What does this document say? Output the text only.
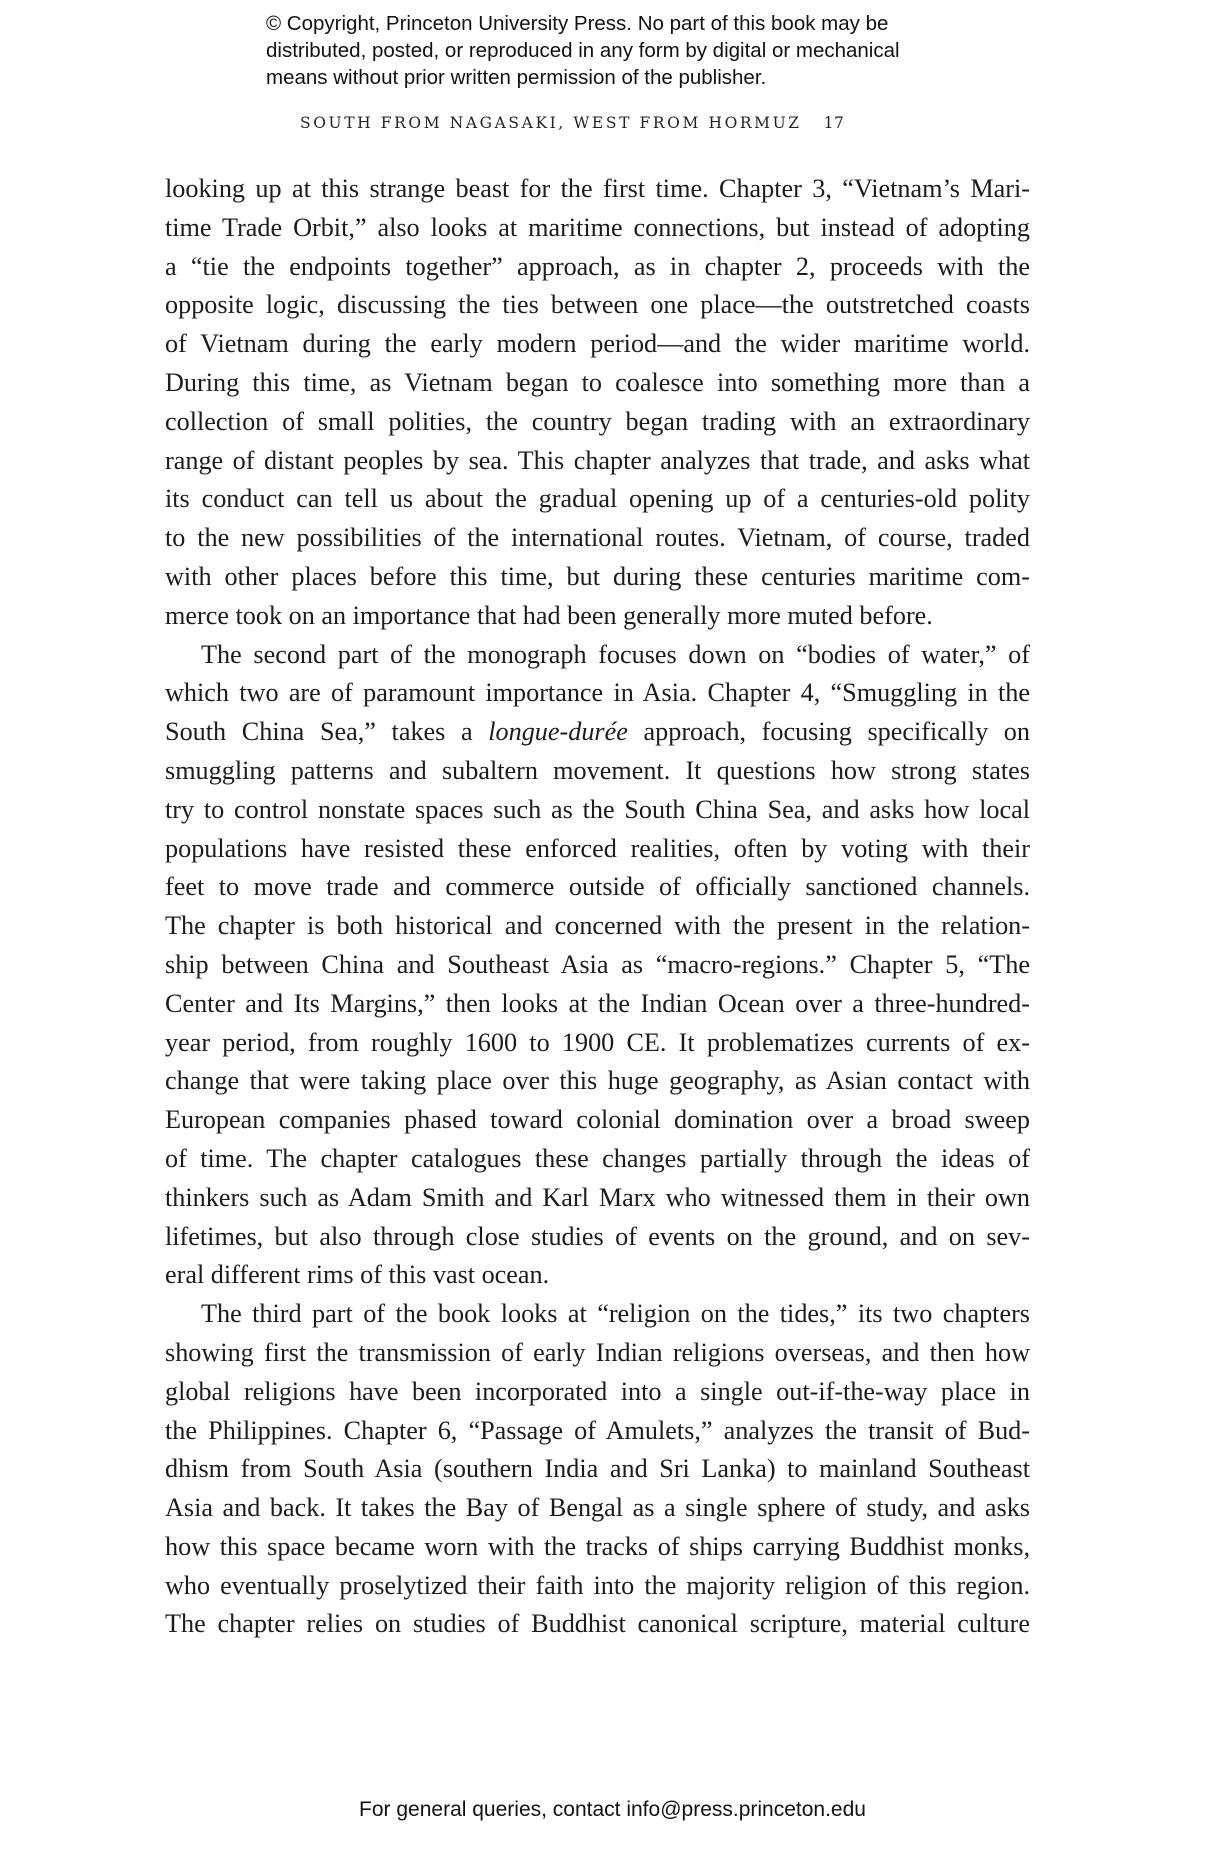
© Copyright, Princeton University Press. No part of this book may be
distributed, posted, or reproduced in any form by digital or mechanical
means without prior written permission of the publisher.
SOUTH FROM NAGASAKI, WEST FROM HORMUZ 17
looking up at this strange beast for the first time. Chapter 3, “Vietnam’s Mari-
time Trade Orbit,” also looks at maritime connections, but instead of adopting
a “tie the endpoints together” approach, as in chapter 2, proceeds with the
opposite logic, discussing the ties between one place—the outstretched coasts
of Vietnam during the early modern period—and the wider maritime world.
During this time, as Vietnam began to coalesce into something more than a
collection of small polities, the country began trading with an extraordinary
range of distant peoples by sea. This chapter analyzes that trade, and asks what
its conduct can tell us about the gradual opening up of a centuries-old polity
to the new possibilities of the international routes. Vietnam, of course, traded
with other places before this time, but during these centuries maritime com-
merce took on an importance that had been generally more muted before.
The second part of the monograph focuses down on “bodies of water,” of
which two are of paramount importance in Asia. Chapter 4, “Smuggling in the
South China Sea,” takes a longue-durée approach, focusing specifically on
smuggling patterns and subaltern movement. It questions how strong states
try to control nonstate spaces such as the South China Sea, and asks how local
populations have resisted these enforced realities, often by voting with their
feet to move trade and commerce outside of officially sanctioned channels.
The chapter is both historical and concerned with the present in the relation-
ship between China and Southeast Asia as “macro-regions.” Chapter 5, “The
Center and Its Margins,” then looks at the Indian Ocean over a three-hundred-
year period, from roughly 1600 to 1900 CE. It problematizes currents of ex-
change that were taking place over this huge geography, as Asian contact with
European companies phased toward colonial domination over a broad sweep
of time. The chapter catalogues these changes partially through the ideas of
thinkers such as Adam Smith and Karl Marx who witnessed them in their own
lifetimes, but also through close studies of events on the ground, and on sev-
eral different rims of this vast ocean.
The third part of the book looks at “religion on the tides,” its two chapters
showing first the transmission of early Indian religions overseas, and then how
global religions have been incorporated into a single out-if-the-way place in
the Philippines. Chapter 6, “Passage of Amulets,” analyzes the transit of Bud-
dhism from South Asia (southern India and Sri Lanka) to mainland Southeast
Asia and back. It takes the Bay of Bengal as a single sphere of study, and asks
how this space became worn with the tracks of ships carrying Buddhist monks,
who eventually proselytized their faith into the majority religion of this region.
The chapter relies on studies of Buddhist canonical scripture, material culture
For general queries, contact info@press.princeton.edu
